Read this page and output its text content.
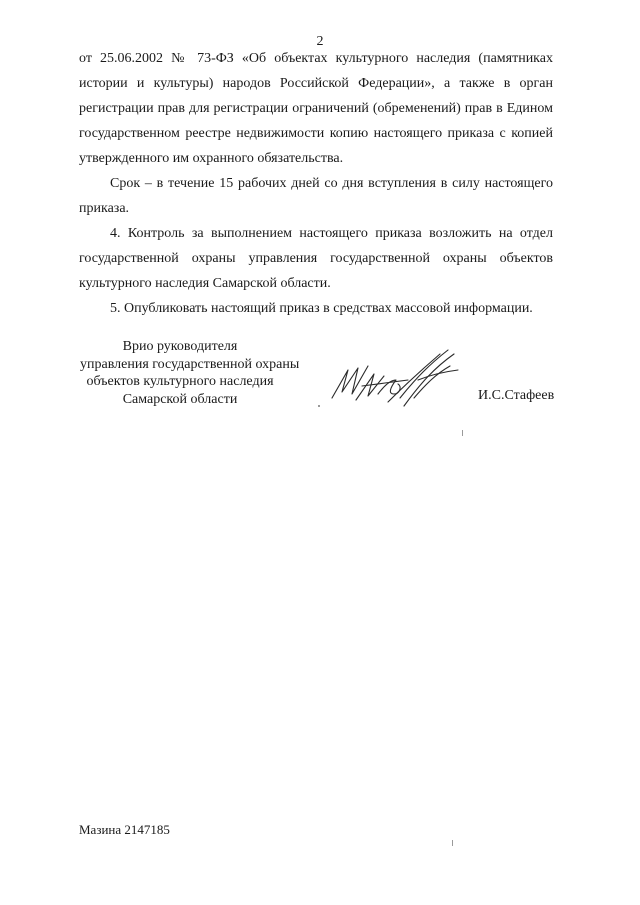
2

от 25.06.2002 № 73-ФЗ «Об объектах культурного наследия (памятниках истории и культуры) народов Российской Федерации», а также в орган регистрации прав для регистрации ограничений (обременений) прав в Едином государственном реестре недвижимости копию настоящего приказа с копией утвержденного им охранного обязательства.

Срок – в течение 15 рабочих дней со дня вступления в силу настоящего приказа.

4. Контроль за выполнением настоящего приказа возложить на отдел государственной охраны управления государственной охраны объектов культурного наследия Самарской области.

5. Опубликовать настоящий приказ в средствах массовой информации.

Врио руководителя
управления государственной охраны
объектов культурного наследия
Самарской области	И.С.Стафеев
Мазина 2147185
